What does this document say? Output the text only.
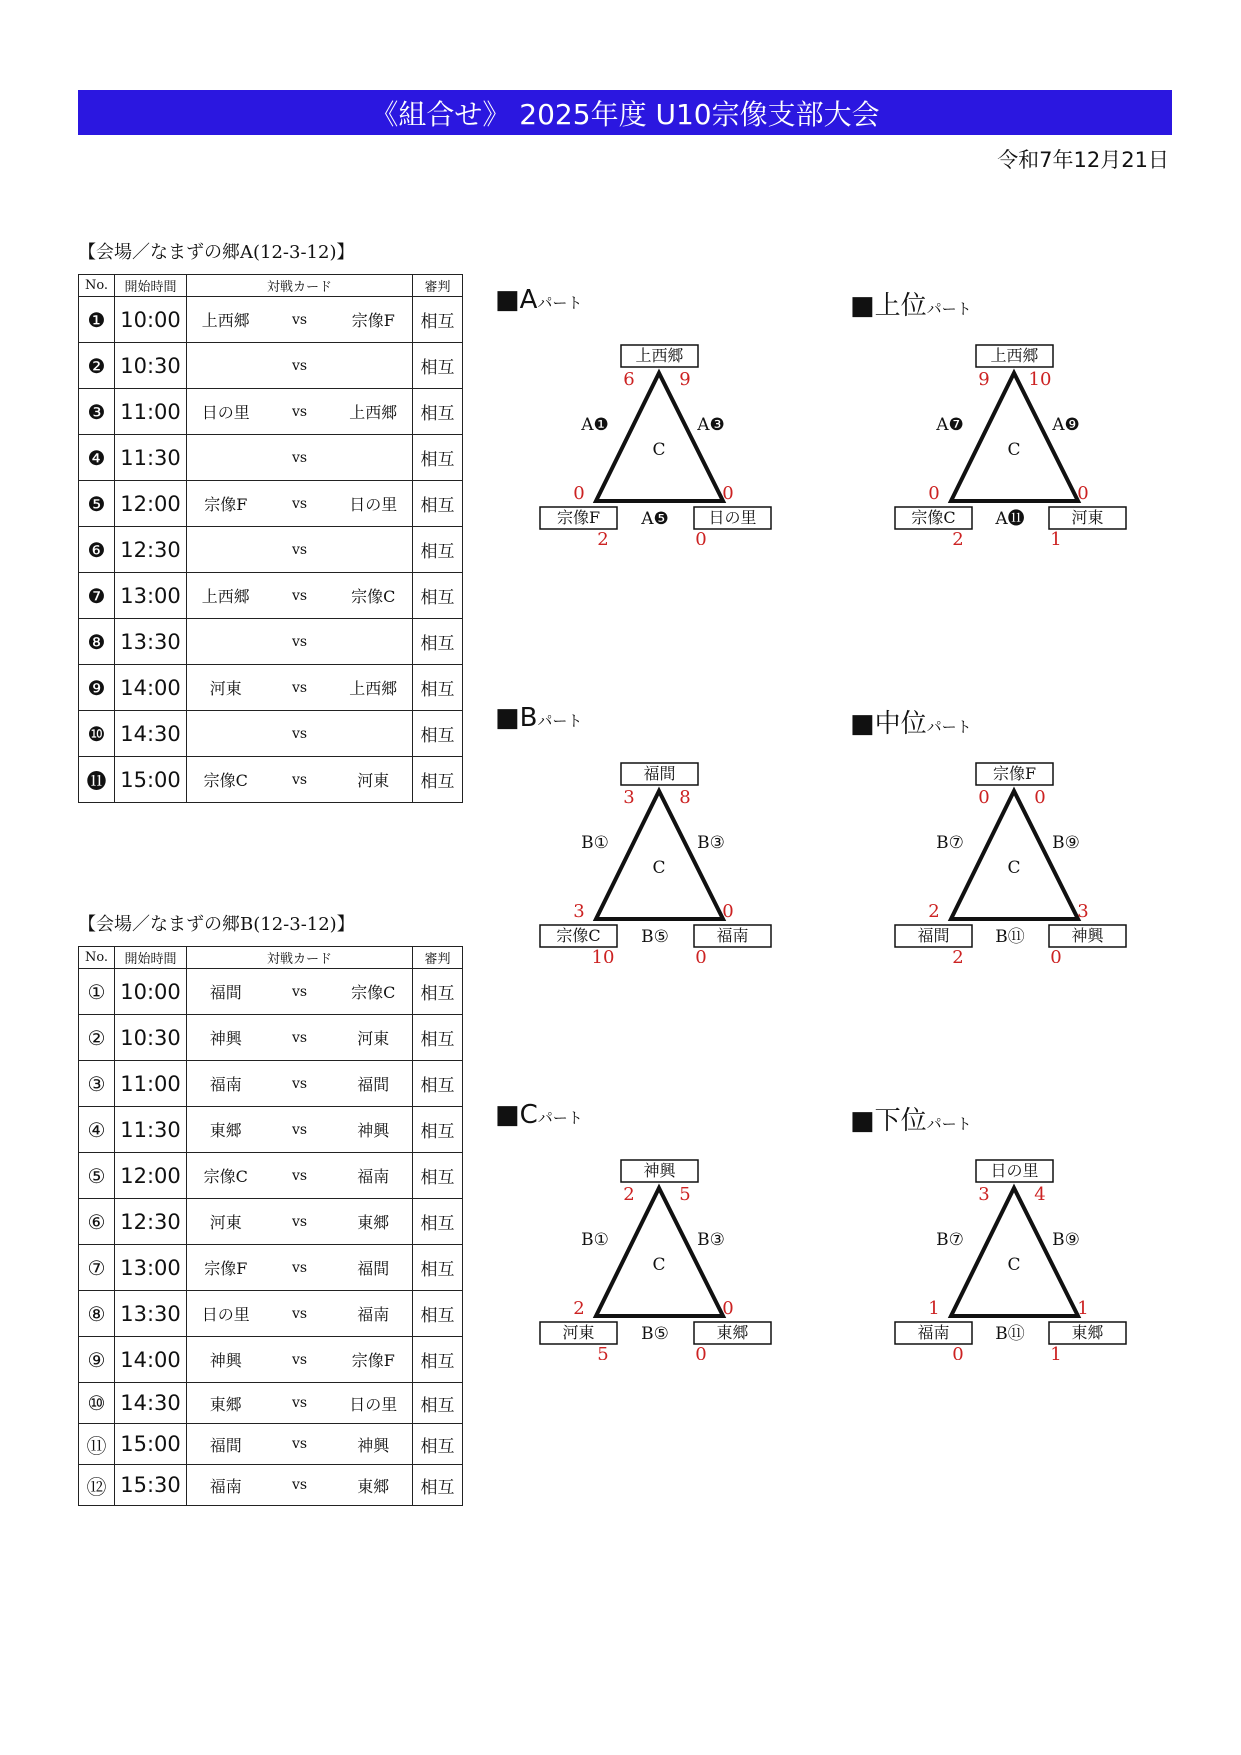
《組合せ》 2025年度 U10宗像支部大会
令和7年12月21日
【会場／なまずの郷A(12-3-12)】
No.	開始時間	対戦カード			審判
❶	10:00	上西郷	vs	宗像F	相互
❷	10:30		vs		相互
❸	11:00	日の里	vs	上西郷	相互
❹	11:30		vs		相互
❺	12:00	宗像F	vs	日の里	相互
❻	12:30		vs		相互
❼	13:00	上西郷	vs	宗像C	相互
❽	13:30		vs		相互
❾	14:00	河東	vs	上西郷	相互
❿	14:30		vs		相互
⓫	15:00	宗像C	vs	河東	相互
【会場／なまずの郷B(12-3-12)】
No.	開始時間	対戦カード			審判
①	10:00	福間	vs	宗像C	相互
②	10:30	神興	vs	河東	相互
③	11:00	福南	vs	福間	相互
④	11:30	東郷	vs	神興	相互
⑤	12:00	宗像C	vs	福南	相互
⑥	12:30	河東	vs	東郷	相互
⑦	13:00	宗像F	vs	福間	相互
⑧	13:30	日の里	vs	福南	相互
⑨	14:00	神興	vs	宗像F	相互
⑩	14:30	東郷	vs	日の里	相互
⑪	15:00	福間	vs	神興	相互
⑫	15:30	福南	vs	東郷	相互
■Aパート
上西郷
宗像F	日の里
C
A❶	A❸
A❺
6 9
0
2
0
0
■上位パート
上西郷
宗像C	河東
C
A❼	A❾
A⓫
9 10
0
2
0
1
■Bパート
福間
宗像C	福南
C
B①	B③
B⑤
3 8
3
10
0
0
■中位パート
宗像F
福間	神興
C
B⑦	B⑨
B⑪
0 0
2
2
3
0
■Cパート
神興
河東	東郷
C
B①	B③
B⑤
2 5
2
5
0
0
■下位パート
日の里
福南	東郷
C
B⑦	B⑨
B⑪
3 4
1
0
1
1
